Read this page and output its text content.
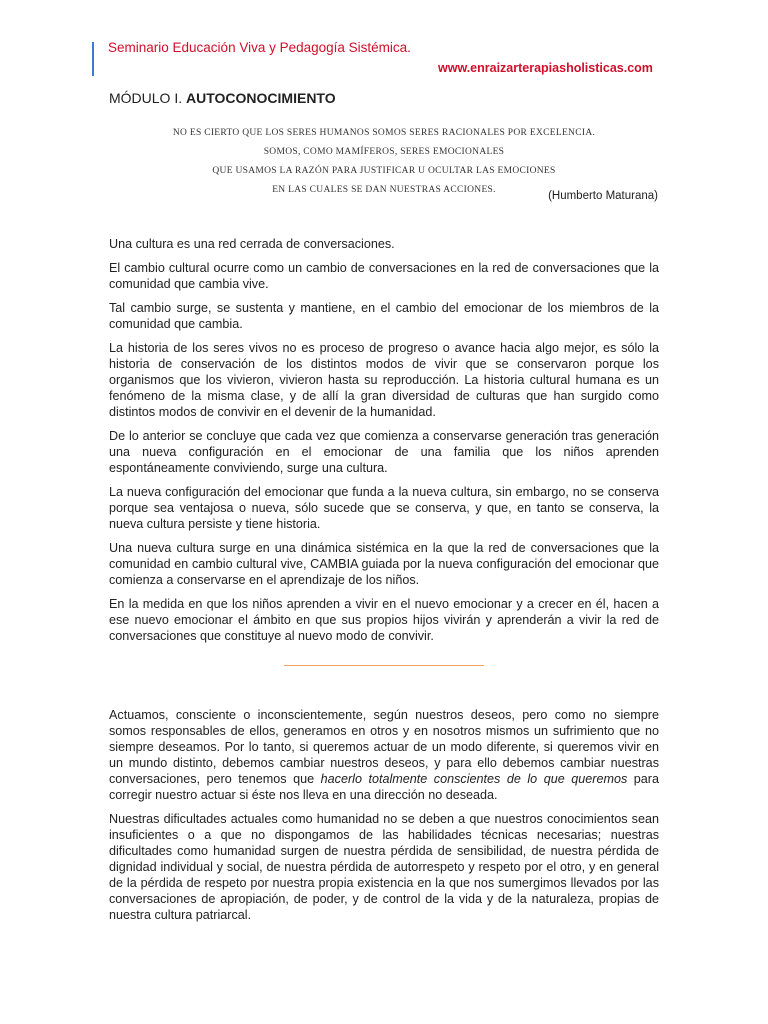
Seminario Educación Viva y Pedagogía Sistémica.
www.enraizarterapiasholisticas.com
MÓDULO I. AUTOCONOCIMIENTO
NO ES CIERTO QUE LOS SERES HUMANOS SOMOS SERES RACIONALES POR EXCELENCIA.
SOMOS, COMO MAMÍFEROS, SERES EMOCIONALES
QUE USAMOS LA RAZÓN PARA JUSTIFICAR U OCULTAR LAS EMOCIONES
EN LAS CUALES SE DAN NUESTRAS ACCIONES.	(Humberto Maturana)

Una cultura es una red cerrada de conversaciones.

El cambio cultural ocurre como un cambio de conversaciones en la red de conversaciones que la comunidad que cambia vive.

Tal cambio surge, se sustenta y mantiene, en el cambio del emocionar de los miembros de la comunidad que cambia.

La historia de los seres vivos no es proceso de progreso o avance hacia algo mejor, es sólo la historia de conservación de los distintos modos de vivir que se conservaron porque los organismos que los vivieron, vivieron hasta su reproducción. La historia cultural humana es un fenómeno de la misma clase, y de allí la gran diversidad de culturas que han surgido como distintos modos de convivir en el devenir de la humanidad.

De lo anterior se concluye que cada vez que comienza a conservarse generación tras generación una nueva configuración en el emocionar de una familia que los niños aprenden espontáneamente conviviendo, surge una cultura.

La nueva configuración del emocionar que funda a la nueva cultura, sin embargo, no se conserva porque sea ventajosa o nueva, sólo sucede que se conserva, y que, en tanto se conserva, la nueva cultura persiste y tiene historia.

Una nueva cultura surge en una dinámica sistémica en la que la red de conversaciones que la comunidad en cambio cultural vive, CAMBIA guiada por la nueva configuración del emocionar que comienza a conservarse en el aprendizaje de los niños.

En la medida en que los niños aprenden a vivir en el nuevo emocionar y a crecer en él, hacen a ese nuevo emocionar el ámbito en que sus propios hijos vivirán y aprenderán a vivir la red de conversaciones que constituye al nuevo modo de convivir.

Actuamos, consciente o inconscientemente, según nuestros deseos, pero como no siempre somos responsables de ellos, generamos en otros y en nosotros mismos un sufrimiento que no siempre deseamos. Por lo tanto, si queremos actuar de un modo diferente, si queremos vivir en un mundo distinto, debemos cambiar nuestros deseos, y para ello debemos cambiar nuestras conversaciones, pero tenemos que hacerlo totalmente conscientes de lo que queremos para corregir nuestro actuar si éste nos lleva en una dirección no deseada.

Nuestras dificultades actuales como humanidad no se deben a que nuestros conocimientos sean insuficientes o a que no dispongamos de las habilidades técnicas necesarias; nuestras dificultades como humanidad surgen de nuestra pérdida de sensibilidad, de nuestra pérdida de dignidad individual y social, de nuestra pérdida de autorrespeto y respeto por el otro, y en general de la pérdida de respeto por nuestra propia existencia en la que nos sumergimos llevados por las conversaciones de apropiación, de poder, y de control de la vida y de la naturaleza, propias de nuestra cultura patriarcal.
